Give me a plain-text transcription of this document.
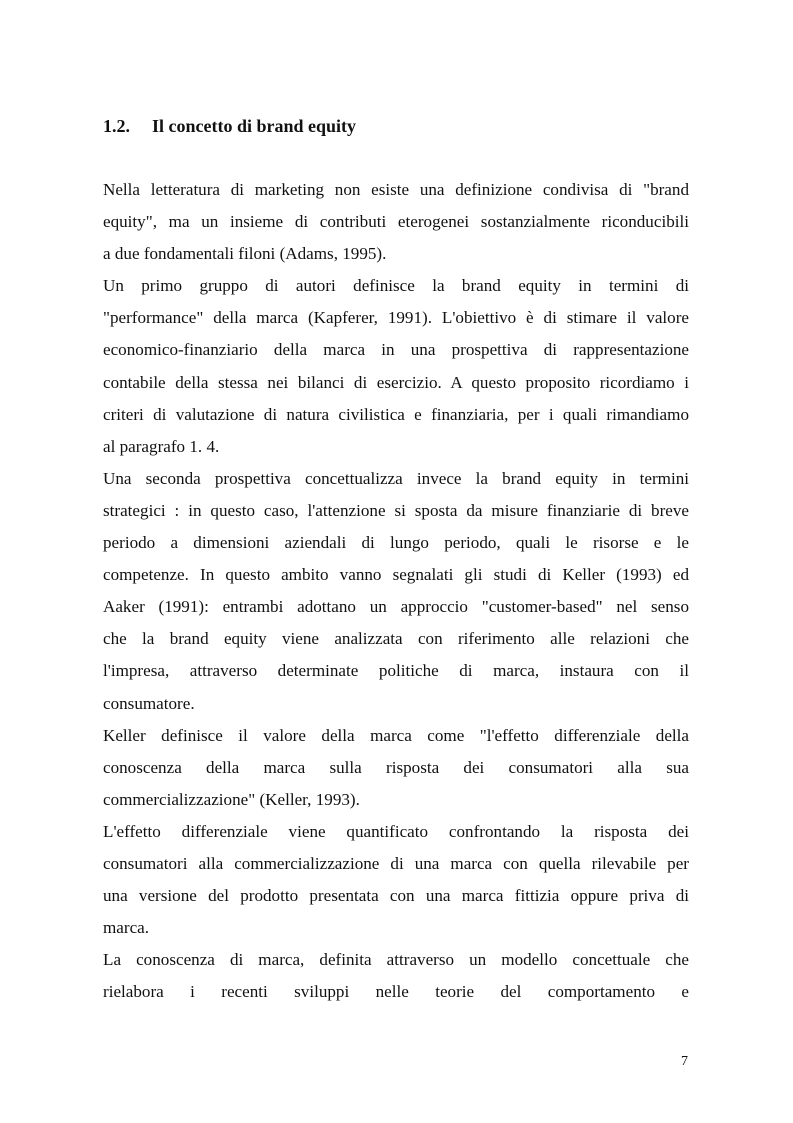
1.2. Il concetto di brand equity
Nella letteratura di marketing non esiste una definizione condivisa di "brand
equity", ma un insieme di contributi eterogenei sostanzialmente riconducibili
a due fondamentali filoni (Adams, 1995).
Un primo gruppo di autori definisce la brand equity in termini di
"performance" della marca (Kapferer, 1991). L'obiettivo è di stimare il valore
economico-finanziario della marca in una prospettiva di rappresentazione
contabile della stessa nei bilanci di esercizio. A questo proposito ricordiamo i
criteri di valutazione di natura civilistica e finanziaria, per i quali rimandiamo
al paragrafo 1. 4.
Una seconda prospettiva concettualizza invece la brand equity in termini
strategici : in questo caso, l'attenzione si sposta da misure finanziarie di breve
periodo a dimensioni aziendali di lungo periodo, quali le risorse e le
competenze. In questo ambito vanno segnalati gli studi di Keller (1993) ed
Aaker (1991): entrambi adottano un approccio "customer-based" nel senso
che la brand equity viene analizzata con riferimento alle relazioni che
l'impresa, attraverso determinate politiche di marca, instaura con il
consumatore.
Keller definisce il valore della marca come "l'effetto differenziale della
conoscenza della marca sulla risposta dei consumatori alla sua
commercializzazione" (Keller, 1993).
L'effetto differenziale viene quantificato confrontando la risposta dei
consumatori alla commercializzazione di una marca con quella rilevabile per
una versione del prodotto presentata con una marca fittizia oppure priva di
marca.
La conoscenza di marca, definita attraverso un modello concettuale che
rielabora i recenti sviluppi nelle teorie del comportamento e
7
